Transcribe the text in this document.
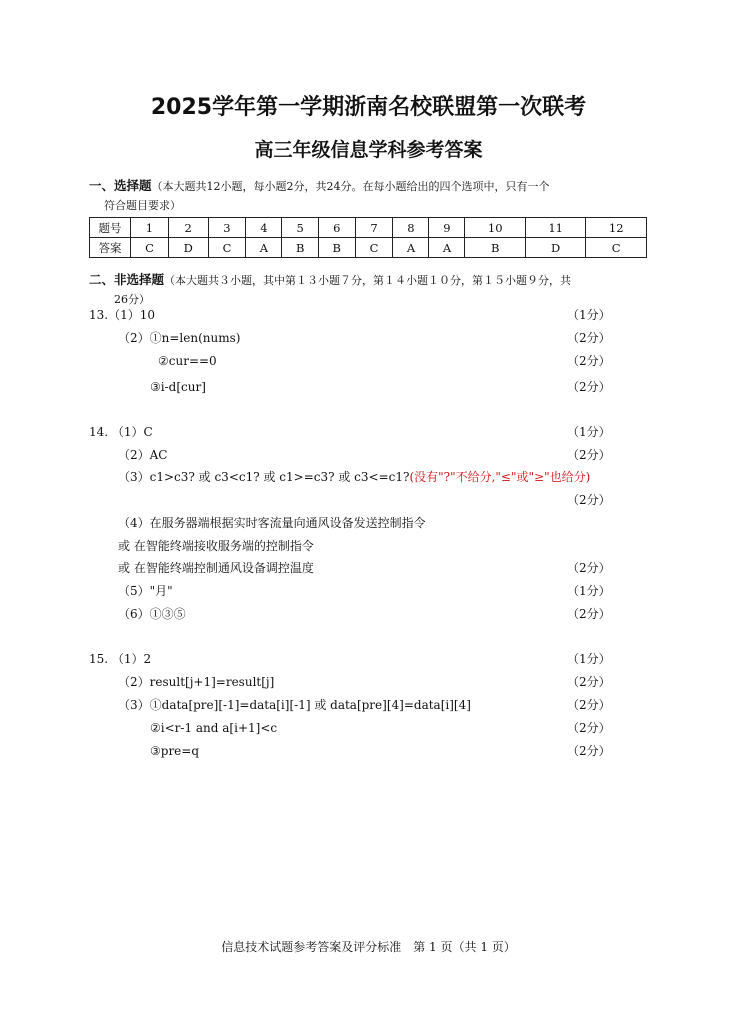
2025学年第一学期浙南名校联盟第一次联考
高三年级信息学科参考答案
一、选择题（本大题共12小题，每小题2分，共24分。在每小题给出的四个选项中，只有一个
符合题目要求）
题号	1	2	3	4	5	6	7	8	9	10	11	12
答案	C	D	C	A	B	B	C	A	A	B	D	C
二、非选择题（本大题共３小题，其中第１３小题７分，第１４小题１０分，第１５小题９分，共
26分）
13.（1）10	（1分）
（2）①n=len(nums)	（2分）
②cur==0	（2分）
③i-d[cur]	（2分）
14. （1）C	（1分）
（2）AC	（2分）
（3）c1>c3? 或 c3<c1? 或 c1>=c3? 或 c3<=c1?(没有"?"不给分,"≤"或"≥"也给分)
（2分）
（4）在服务器端根据实时客流量向通风设备发送控制指令
或 在智能终端接收服务端的控制指令
或 在智能终端控制通风设备调控温度	（2分）
（5）"月"	（1分）
（6）①③⑤	（2分）
15. （1）2	（1分）
（2）result[j+1]=result[j]	（2分）
（3）①data[pre][-1]=data[i][-1] 或 data[pre][4]=data[i][4]	（2分）
②i<r-1 and a[i+1]<c	（2分）
③pre=q	（2分）
信息技术试题参考答案及评分标准　第 1 页（共 1 页）
